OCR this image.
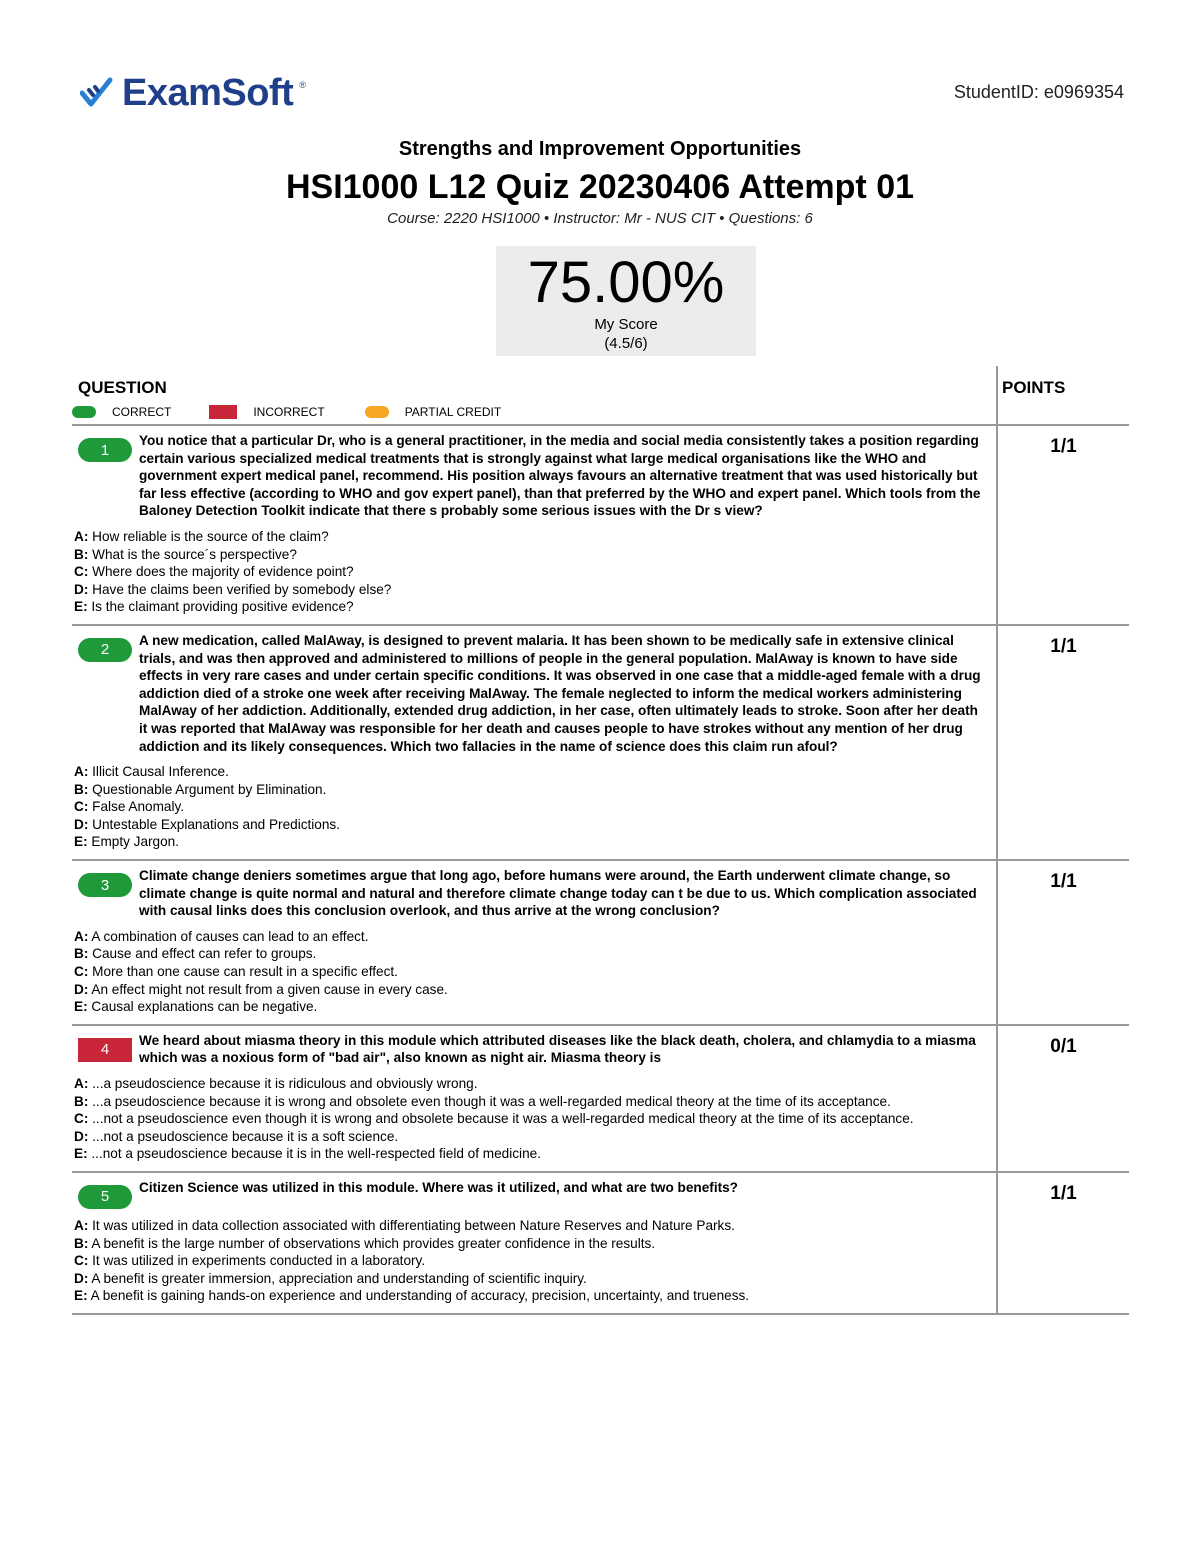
ExamSoft ®	StudentID: e0969354
Strengths and Improvement Opportunities
HSI1000 L12 Quiz 20230406 Attempt 01
Course: 2220 HSI1000 • Instructor: Mr - NUS CIT • Questions: 6
75.00%
My Score
(4.5/6)
QUESTION
CORRECT	INCORRECT	PARTIAL CREDIT
POINTS
1
You notice that a particular Dr, who is a general practitioner, in the media and social media consistently takes a position regarding certain various specialized medical treatments that is strongly against what large medical organisations like the WHO and government expert medical panel, recommend. His position always favours an alternative treatment that was used historically but far less effective (according to WHO and gov expert panel), than that preferred by the WHO and expert panel. Which tools from the Baloney Detection Toolkit indicate that there s probably some serious issues with the Dr s view?
A: How reliable is the source of the claim?
B: What is the source´s perspective?
C: Where does the majority of evidence point?
D: Have the claims been verified by somebody else?
E: Is the claimant providing positive evidence?
1/1
2
A new medication, called MalAway, is designed to prevent malaria. It has been shown to be medically safe in extensive clinical trials, and was then approved and administered to millions of people in the general population. MalAway is known to have side effects in very rare cases and under certain specific conditions. It was observed in one case that a middle-aged female with a drug addiction died of a stroke one week after receiving MalAway. The female neglected to inform the medical workers administering MalAway of her addiction. Additionally, extended drug addiction, in her case, often ultimately leads to stroke. Soon after her death it was reported that MalAway was responsible for her death and causes people to have strokes without any mention of her drug addiction and its likely consequences. Which two fallacies in the name of science does this claim run afoul?
A: Illicit Causal Inference.
B: Questionable Argument by Elimination.
C: False Anomaly.
D: Untestable Explanations and Predictions.
E: Empty Jargon.
1/1
3
Climate change deniers sometimes argue that long ago, before humans were around, the Earth underwent climate change, so climate change is quite normal and natural and therefore climate change today can t be due to us. Which complication associated with causal links does this conclusion overlook, and thus arrive at the wrong conclusion?
A: A combination of causes can lead to an effect.
B: Cause and effect can refer to groups.
C: More than one cause can result in a specific effect.
D: An effect might not result from a given cause in every case.
E: Causal explanations can be negative.
1/1
4
We heard about miasma theory in this module which attributed diseases like the black death, cholera, and chlamydia to a miasma which was a noxious form of "bad air", also known as night air. Miasma theory is
A: ...a pseudoscience because it is ridiculous and obviously wrong.
B: ...a pseudoscience because it is wrong and obsolete even though it was a well-regarded medical theory at the time of its acceptance.
C: ...not a pseudoscience even though it is wrong and obsolete because it was a well-regarded medical theory at the time of its acceptance.
D: ...not a pseudoscience because it is a soft science.
E: ...not a pseudoscience because it is in the well-respected field of medicine.
0/1
5
Citizen Science was utilized in this module. Where was it utilized, and what are two benefits?
A: It was utilized in data collection associated with differentiating between Nature Reserves and Nature Parks.
B: A benefit is the large number of observations which provides greater confidence in the results.
C: It was utilized in experiments conducted in a laboratory.
D: A benefit is greater immersion, appreciation and understanding of scientific inquiry.
E: A benefit is gaining hands-on experience and understanding of accuracy, precision, uncertainty, and trueness.
1/1
